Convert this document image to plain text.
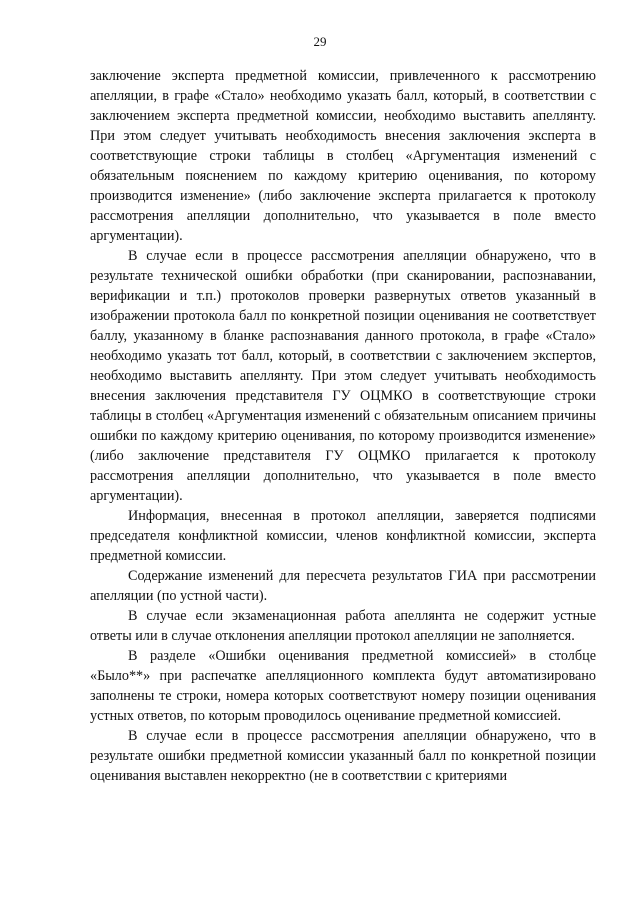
29

заключение эксперта предметной комиссии, привлеченного к рассмотрению апелляции, в графе «Стало» необходимо указать балл, который, в соответствии с заключением эксперта предметной комиссии, необходимо выставить апеллянту. При этом следует учитывать необходимость внесения заключения эксперта в соответствующие строки таблицы в столбец «Аргументация изменений с обязательным пояснением по каждому критерию оценивания, по которому производится изменение» (либо заключение эксперта прилагается к протоколу рассмотрения апелляции дополнительно, что указывается в поле вместо аргументации).

В случае если в процессе рассмотрения апелляции обнаружено, что в результате технической ошибки обработки (при сканировании, распознавании, верификации и т.п.) протоколов проверки развернутых ответов указанный в изображении протокола балл по конкретной позиции оценивания не соответствует баллу, указанному в бланке распознавания данного протокола, в графе «Стало» необходимо указать тот балл, который, в соответствии с заключением экспертов, необходимо выставить апеллянту. При этом следует учитывать необходимость внесения заключения представителя ГУ ОЦМКО в соответствующие строки таблицы в столбец «Аргументация изменений с обязательным описанием причины ошибки по каждому критерию оценивания, по которому производится изменение» (либо заключение представителя ГУ ОЦМКО прилагается к протоколу рассмотрения апелляции дополнительно, что указывается в поле вместо аргументации).

Информация, внесенная в протокол апелляции, заверяется подписями председателя конфликтной комиссии, членов конфликтной комиссии, эксперта предметной комиссии.

Содержание изменений для пересчета результатов ГИА при рассмотрении апелляции (по устной части).

В случае если экзаменационная работа апеллянта не содержит устные ответы или в случае отклонения апелляции протокол апелляции не заполняется.

В разделе «Ошибки оценивания предметной комиссией» в столбце «Было**» при распечатке апелляционного комплекта будут автоматизировано заполнены те строки, номера которых соответствуют номеру позиции оценивания устных ответов, по которым проводилось оценивание предметной комиссией.

В случае если в процессе рассмотрения апелляции обнаружено, что в результате ошибки предметной комиссии указанный балл по конкретной позиции оценивания выставлен некорректно (не в соответствии с критериями
